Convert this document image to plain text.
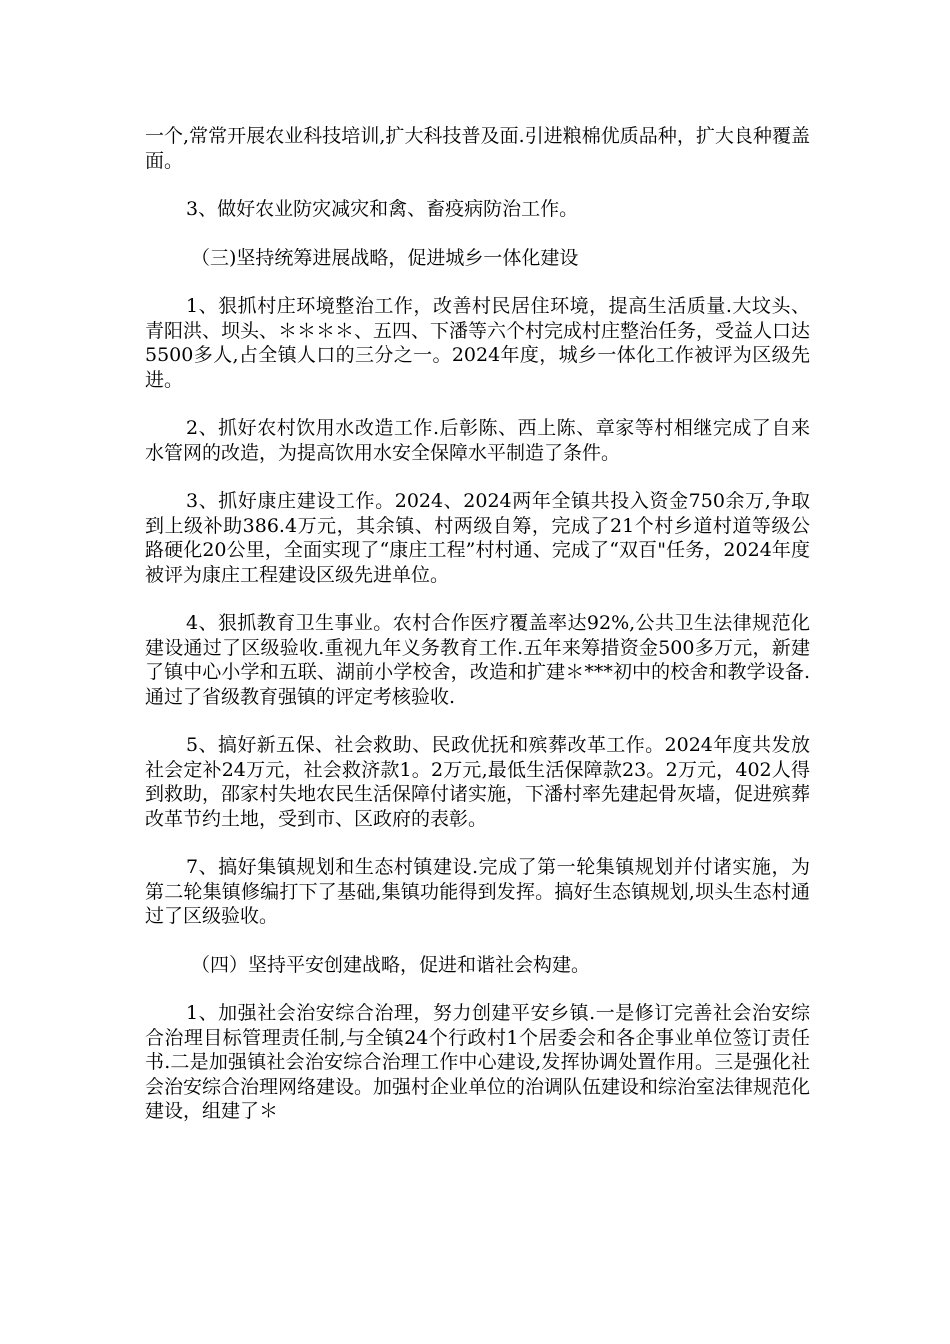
一个,常常开展农业科技培训,扩大科技普及面.引进粮棉优质品种，扩大良种覆盖面。

3、做好农业防灾减灾和禽、畜疫病防治工作。

（三)坚持统筹进展战略，促进城乡一体化建设

1、狠抓村庄环境整治工作，改善村民居住环境，提高生活质量.大坟头、青阳洪、坝头、＊＊＊＊、五四、下潘等六个村完成村庄整治任务，受益人口达5500多人,占全镇人口的三分之一。2024年度，城乡一体化工作被评为区级先进。

2、抓好农村饮用水改造工作.后彰陈、西上陈、章家等村相继完成了自来水管网的改造，为提高饮用水安全保障水平制造了条件。

3、抓好康庄建设工作。2024、2024两年全镇共投入资金750余万,争取到上级补助386.4万元，其余镇、村两级自筹，完成了21个村乡道村道等级公路硬化20公里，全面实现了“康庄工程”村村通、完成了“双百"任务，2024年度被评为康庄工程建设区级先进单位。

4、狠抓教育卫生事业。农村合作医疗覆盖率达92%,公共卫生法律规范化建设通过了区级验收.重视九年义务教育工作.五年来筹措资金500多万元，新建了镇中心小学和五联、湖前小学校舍，改造和扩建＊***初中的校舍和教学设备.通过了省级教育强镇的评定考核验收.

5、搞好新五保、社会救助、民政优抚和殡葬改革工作。2024年度共发放社会定补24万元，社会救济款1。2万元,最低生活保障款23。2万元，402人得到救助，邵家村失地农民生活保障付诸实施，下潘村率先建起骨灰墙，促进殡葬改革节约土地，受到市、区政府的表彰。

7、搞好集镇规划和生态村镇建设.完成了第一轮集镇规划并付诸实施，为第二轮集镇修编打下了基础,集镇功能得到发挥。搞好生态镇规划,坝头生态村通过了区级验收。

（四）坚持平安创建战略，促进和谐社会构建。

1、加强社会治安综合治理，努力创建平安乡镇.一是修订完善社会治安综合治理目标管理责任制,与全镇24个行政村1个居委会和各企事业单位签订责任书.二是加强镇社会治安综合治理工作中心建设,发挥协调处置作用。三是强化社会治安综合治理网络建设。加强村企业单位的治调队伍建设和综治室法律规范化建设，组建了＊
